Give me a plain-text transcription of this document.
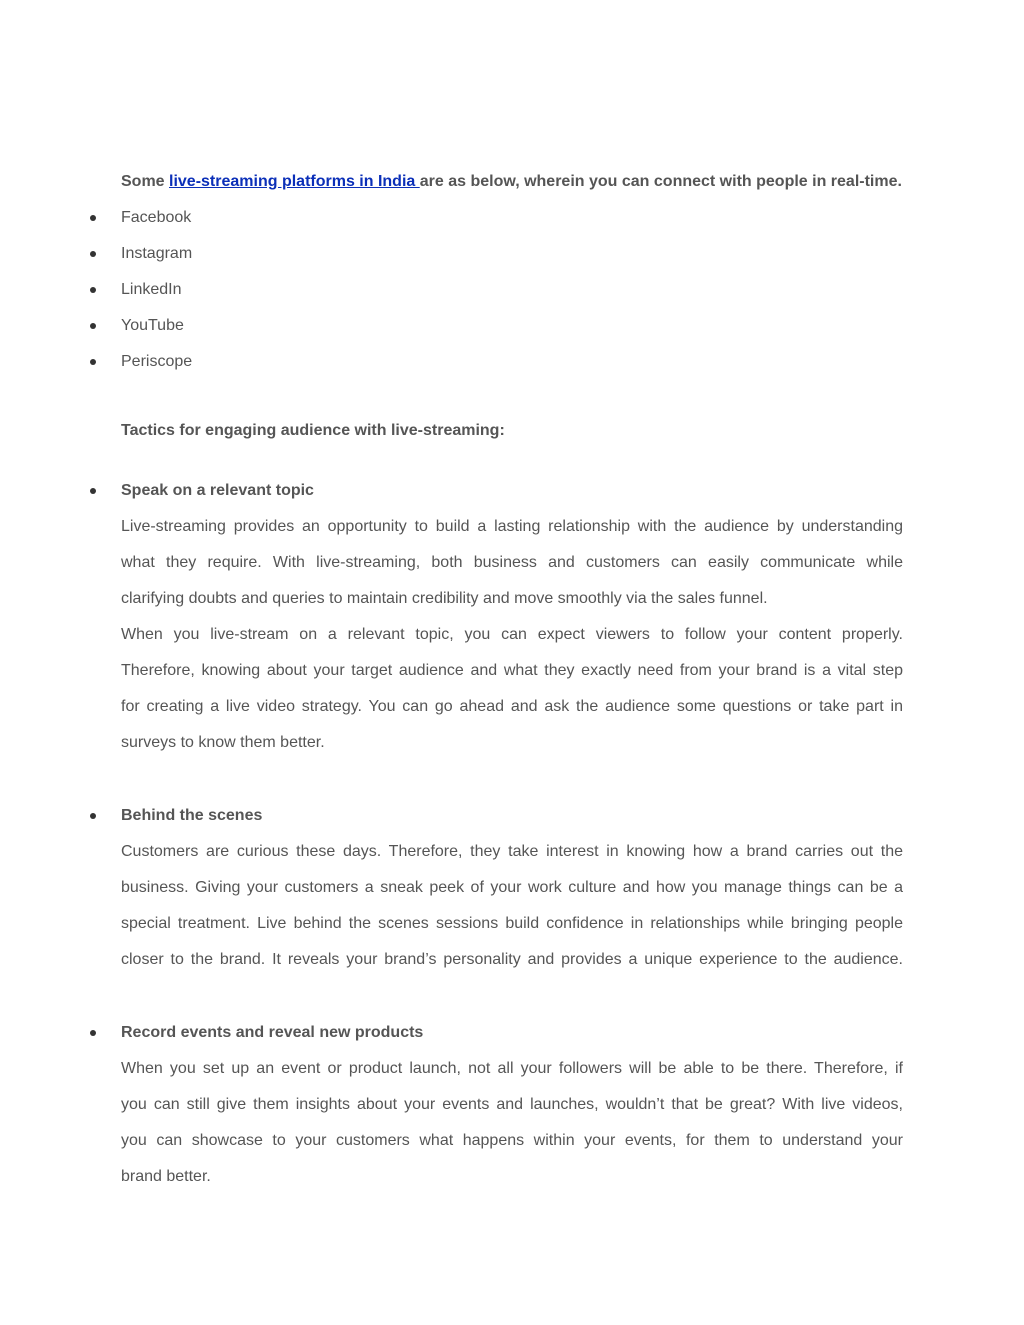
Some live-streaming platforms in India are as below, wherein you can connect with people in real-time.
Facebook
Instagram
LinkedIn
YouTube
Periscope
Tactics for engaging audience with live-streaming:
Speak on a relevant topic
Live-streaming provides an opportunity to build a lasting relationship with the audience by understanding
what they require. With live-streaming, both business and customers can easily communicate while
clarifying doubts and queries to maintain credibility and move smoothly via the sales funnel.
When you live-stream on a relevant topic, you can expect viewers to follow your content properly.
Therefore, knowing about your target audience and what they exactly need from your brand is a vital step
for creating a live video strategy. You can go ahead and ask the audience some questions or take part in
surveys to know them better.
Behind the scenes
Customers are curious these days. Therefore, they take interest in knowing how a brand carries out the
business. Giving your customers a sneak peek of your work culture and how you manage things can be a
special treatment. Live behind the scenes sessions build confidence in relationships while bringing people
closer to the brand. It reveals your brand’s personality and provides a unique experience to the audience.
Record events and reveal new products
When you set up an event or product launch, not all your followers will be able to be there. Therefore, if
you can still give them insights about your events and launches, wouldn’t that be great? With live videos,
you can showcase to your customers what happens within your events, for them to understand your
brand better.
